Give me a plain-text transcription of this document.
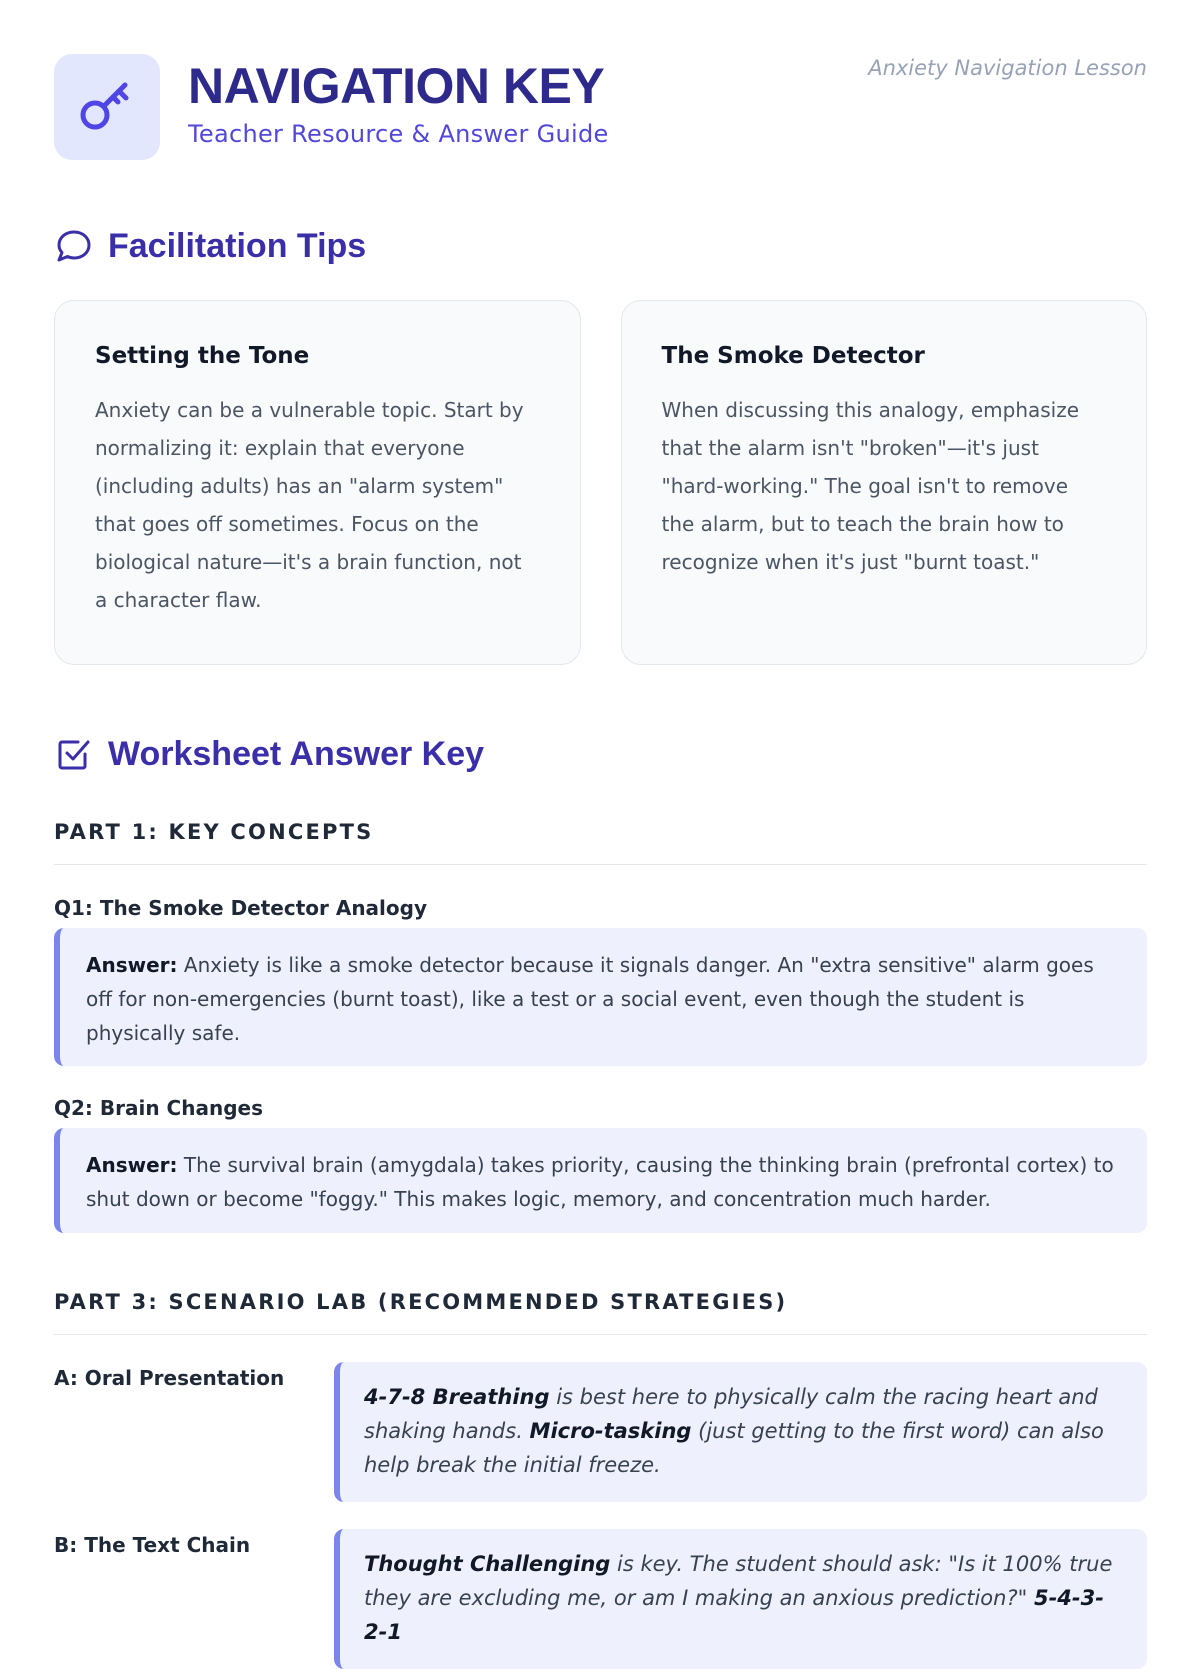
NAVIGATION KEY
Teacher Resource & Answer Guide
Anxiety Navigation Lesson
Facilitation Tips
Setting the Tone
Anxiety can be a vulnerable topic. Start by normalizing it: explain that everyone (including adults) has an "alarm system" that goes off sometimes. Focus on the biological nature—it's a brain function, not a character flaw.
The Smoke Detector
When discussing this analogy, emphasize that the alarm isn't "broken"—it's just "hard-working." The goal isn't to remove the alarm, but to teach the brain how to recognize when it's just "burnt toast."
Worksheet Answer Key
PART 1: KEY CONCEPTS
Q1: The Smoke Detector Analogy
Answer: Anxiety is like a smoke detector because it signals danger. An "extra sensitive" alarm goes off for non-emergencies (burnt toast), like a test or a social event, even though the student is physically safe.
Q2: Brain Changes
Answer: The survival brain (amygdala) takes priority, causing the thinking brain (prefrontal cortex) to shut down or become "foggy." This makes logic, memory, and concentration much harder.
PART 3: SCENARIO LAB (RECOMMENDED STRATEGIES)
A: Oral Presentation
4-7-8 Breathing is best here to physically calm the racing heart and shaking hands. Micro-tasking (just getting to the first word) can also help break the initial freeze.
B: The Text Chain
Thought Challenging is key. The student should ask: "Is it 100% true they are excluding me, or am I making an anxious prediction?" 5-4-3-2-1
